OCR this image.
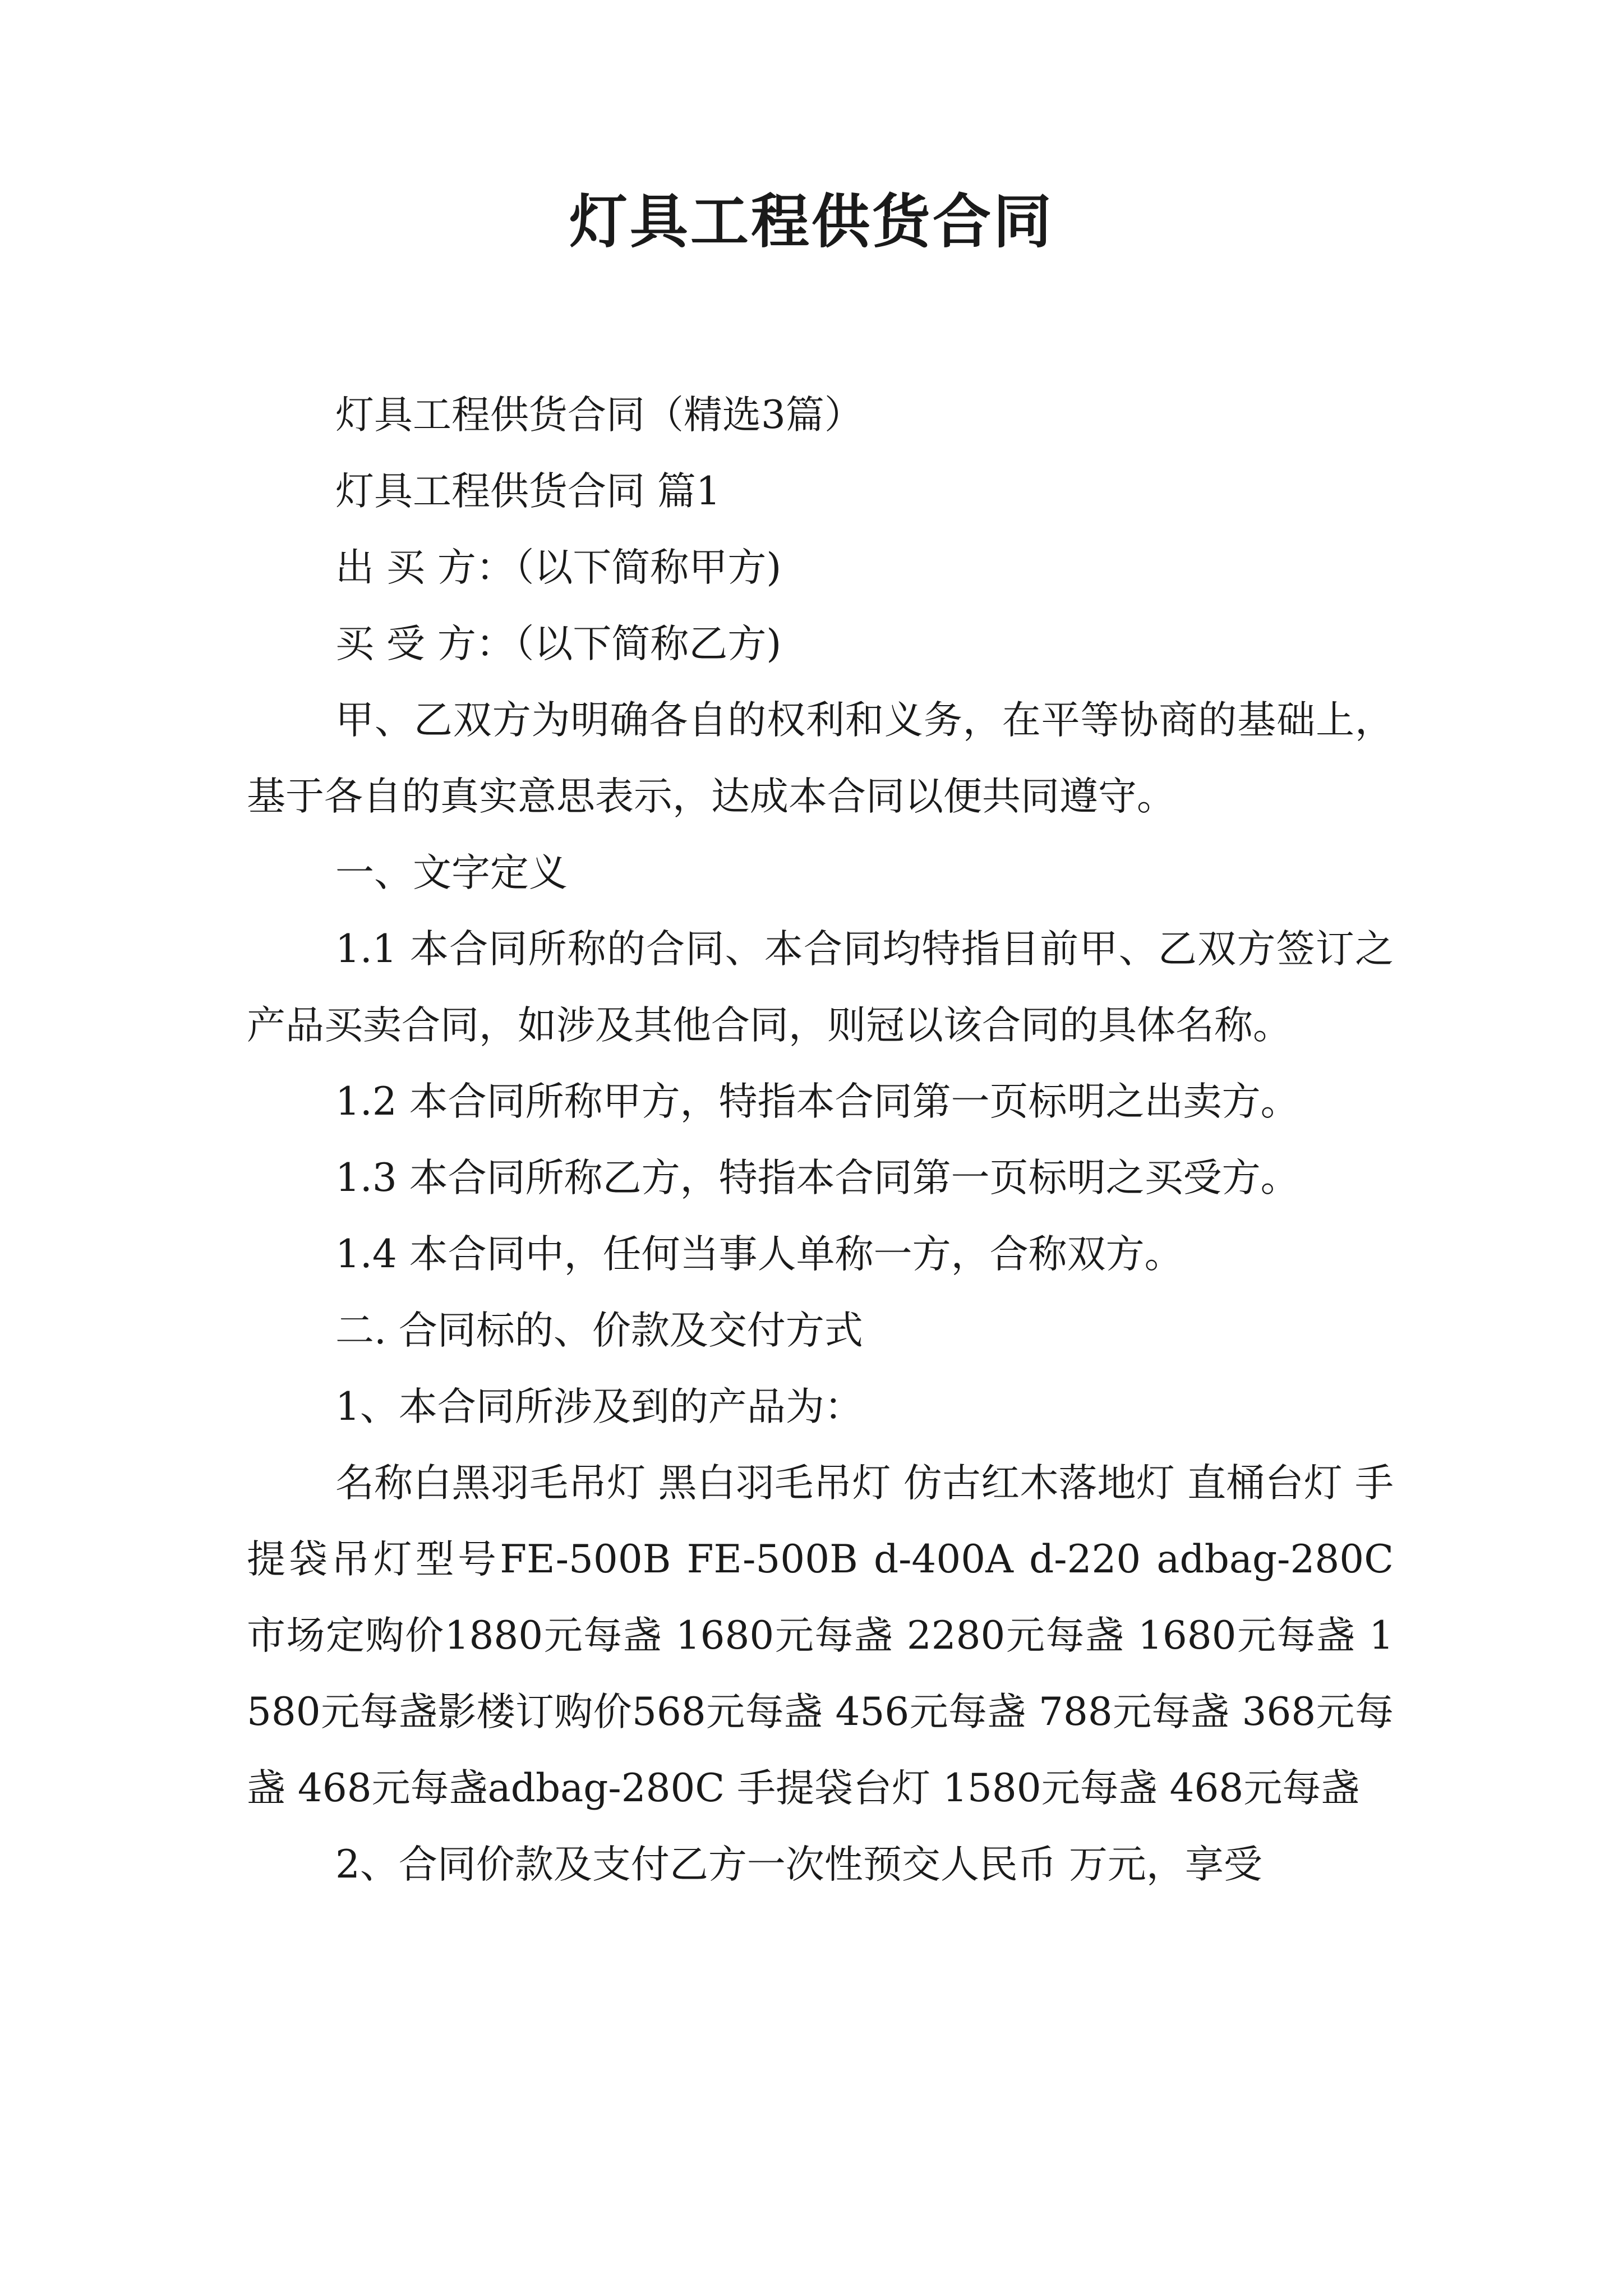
灯具工程供货合同

灯具工程供货合同（精选3篇）

灯具工程供货合同 篇1

出 买 方：（以下简称甲方)

买 受 方：（以下简称乙方)

甲、乙双方为明确各自的权利和义务，在平等协商的基础上，基于各自的真实意思表示，达成本合同以便共同遵守。

一、文字定义

1.1 本合同所称的合同、本合同均特指目前甲、乙双方签订之产品买卖合同，如涉及其他合同，则冠以该合同的具体名称。

1.2 本合同所称甲方，特指本合同第一页标明之出卖方。

1.3 本合同所称乙方，特指本合同第一页标明之买受方。

1.4 本合同中，任何当事人单称一方，合称双方。

二. 合同标的、价款及交付方式

1、本合同所涉及到的产品为：

名称白黑羽毛吊灯 黑白羽毛吊灯 仿古红木落地灯 直桶台灯 手提袋吊灯型号FE-500B FE-500B d-400A d-220 adbag-280C市场定购价1880元每盏 1680元每盏 2280元每盏 1680元每盏 1580元每盏影楼订购价568元每盏 456元每盏 788元每盏 368元每盏 468元每盏adbag-280C 手提袋台灯 1580元每盏 468元每盏

2、合同价款及支付乙方一次性预交人民币 万元，享受
